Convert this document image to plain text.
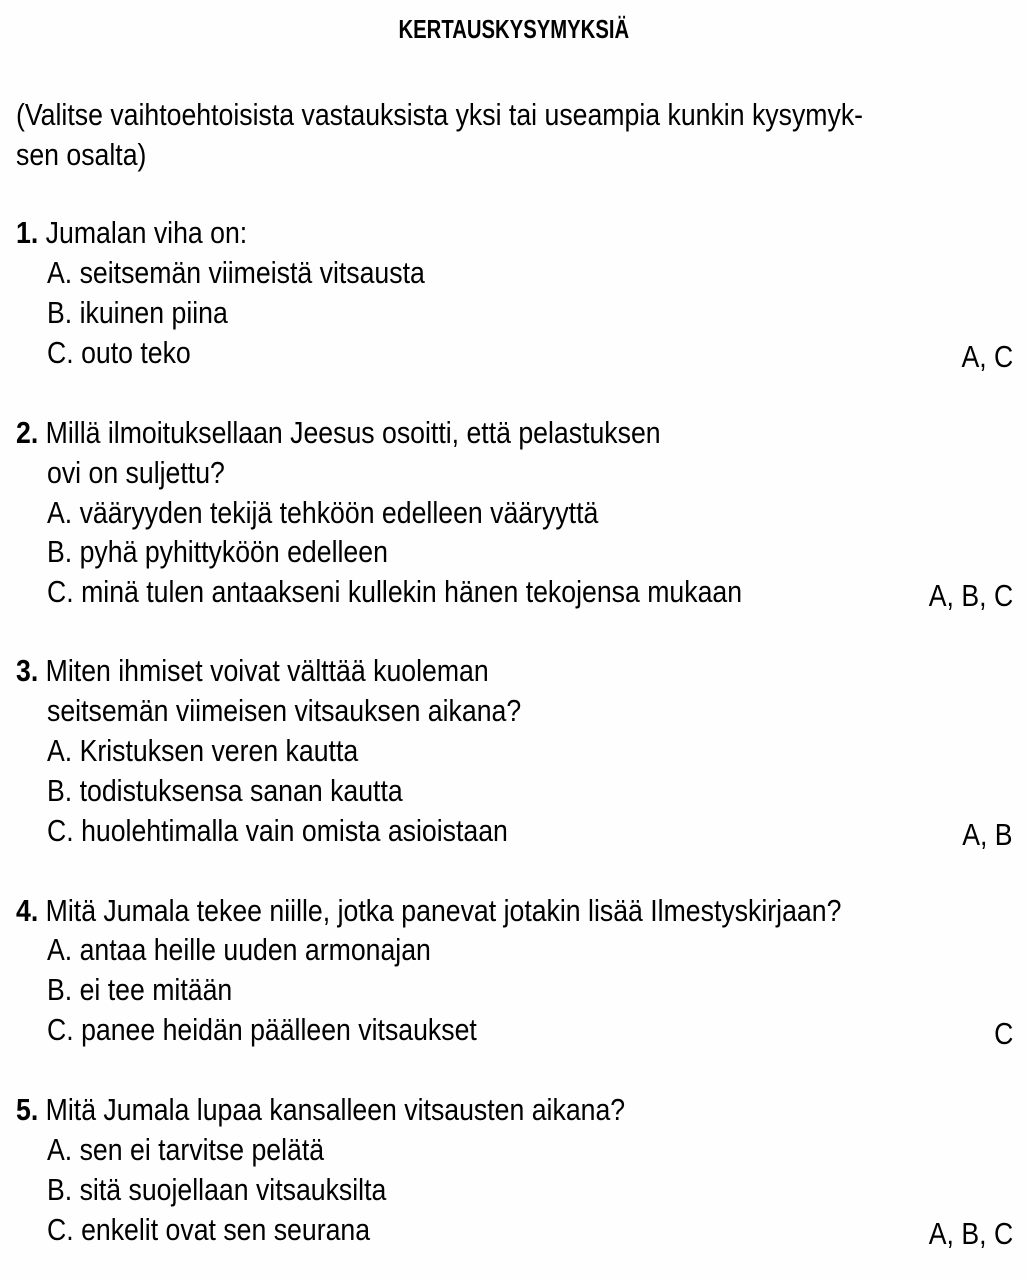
KERTAUSKYSYMYKSIÄ
(Valitse vaihtoehtoisista vastauksista yksi tai useampia kunkin kysymyk-
sen osalta)
1. Jumalan viha on:
A. seitsemän viimeistä vitsausta
B. ikuinen piina
C. outo teko	A, C
2. Millä ilmoituksellaan Jeesus osoitti, että pelastuksen
ovi on suljettu?
A. vääryyden tekijä tehköön edelleen vääryyttä
B. pyhä pyhittyköön edelleen
C. minä tulen antaakseni kullekin hänen tekojensa mukaan	A, B, C
3. Miten ihmiset voivat välttää kuoleman
seitsemän viimeisen vitsauksen aikana?
A. Kristuksen veren kautta
B. todistuksensa sanan kautta
C. huolehtimalla vain omista asioistaan	A, B
4. Mitä Jumala tekee niille, jotka panevat jotakin lisää Ilmestyskirjaan?
A. antaa heille uuden armonajan
B. ei tee mitään
C. panee heidän päälleen vitsaukset	C
5. Mitä Jumala lupaa kansalleen vitsausten aikana?
A. sen ei tarvitse pelätä
B. sitä suojellaan vitsauksilta
C. enkelit ovat sen seurana	A, B, C
